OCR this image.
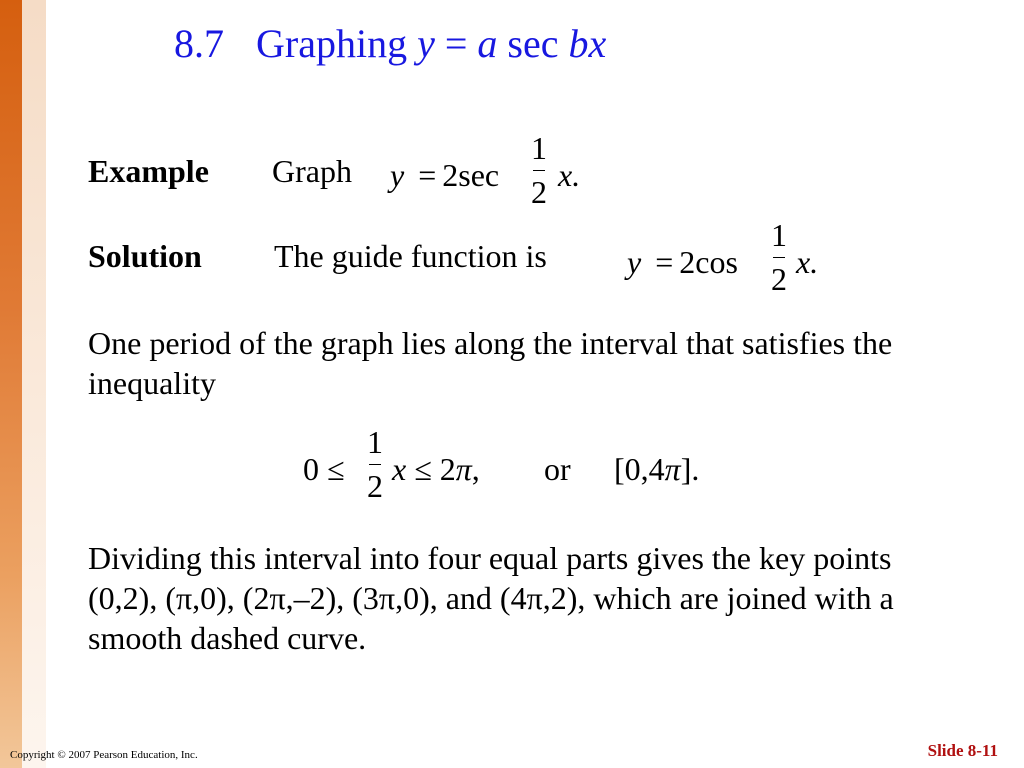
8.7 Graphing y = a sec bx
Example Graph y = 2sec
1
2 x.
Solution The guide function is	y = 2cos
1
2 x.
One period of the graph lies along the interval that satisfies the inequality
0 ≤
1
2 x ≤ 2π, or [0,4π].
Dividing this interval into four equal parts gives the key points (0,2), (π,0), (2π,–2), (3π,0), and (4π,2), which are joined with a smooth dashed curve.
Copyright © 2007 Pearson Education, Inc.	Slide 8-11
